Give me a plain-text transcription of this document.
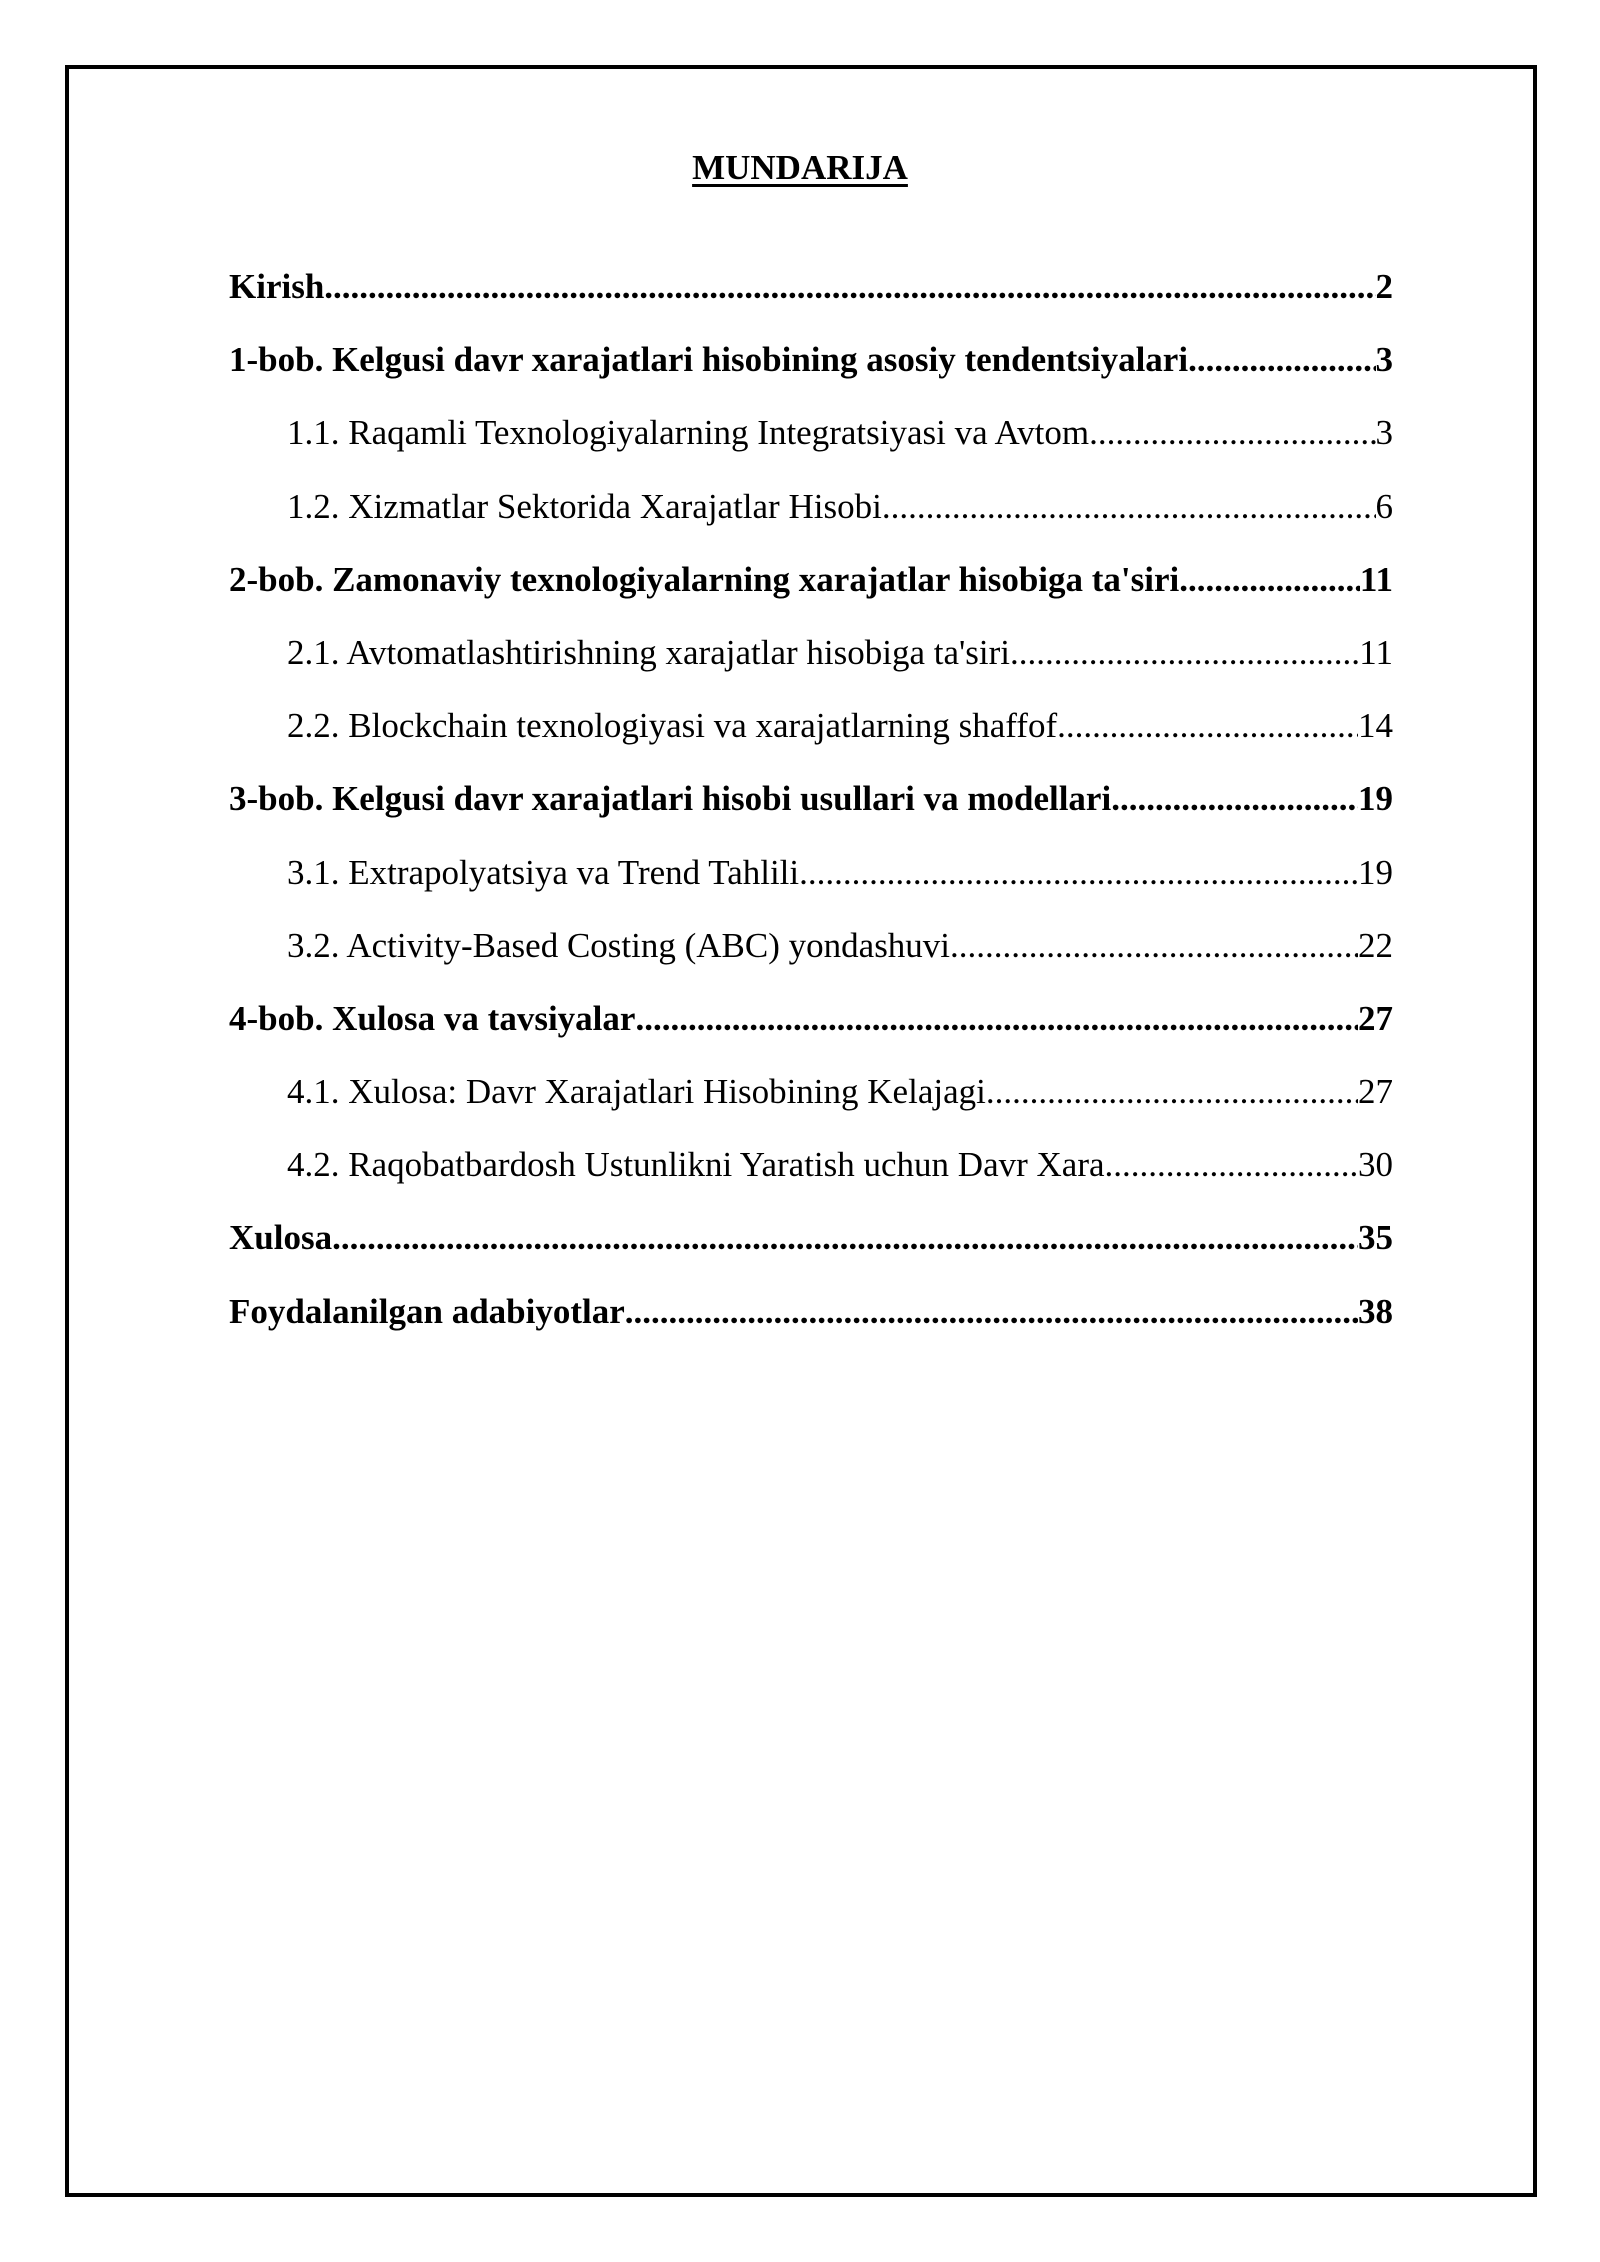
MUNDARIJA
Kirish .....	2
1-bob. Kelgusi davr xarajatlari hisobining asosiy tendentsiyalari .....	3
1.1. Raqamli Texnologiyalarning Integratsiyasi va Avtom .....	3
1.2. Xizmatlar Sektorida Xarajatlar Hisobi .....	6
2-bob. Zamonaviy texnologiyalarning xarajatlar hisobiga ta'siri .....	11
2.1. Avtomatlashtirishning xarajatlar hisobiga ta'siri .....	11
2.2. Blockchain texnologiyasi va xarajatlarning shaffof .....	14
3-bob. Kelgusi davr xarajatlari hisobi usullari va modellari .....	19
3.1. Extrapolyatsiya va Trend Tahlili .....	19
3.2. Activity-Based Costing (ABC) yondashuvi .....	22
4-bob. Xulosa va tavsiyalar .....	27
4.1. Xulosa: Davr Xarajatlari Hisobining Kelajagi .....	27
4.2. Raqobatbardosh Ustunlikni Yaratish uchun Davr Xara .....	30
Xulosa .....	35
Foydalanilgan adabiyotlar .....	38
